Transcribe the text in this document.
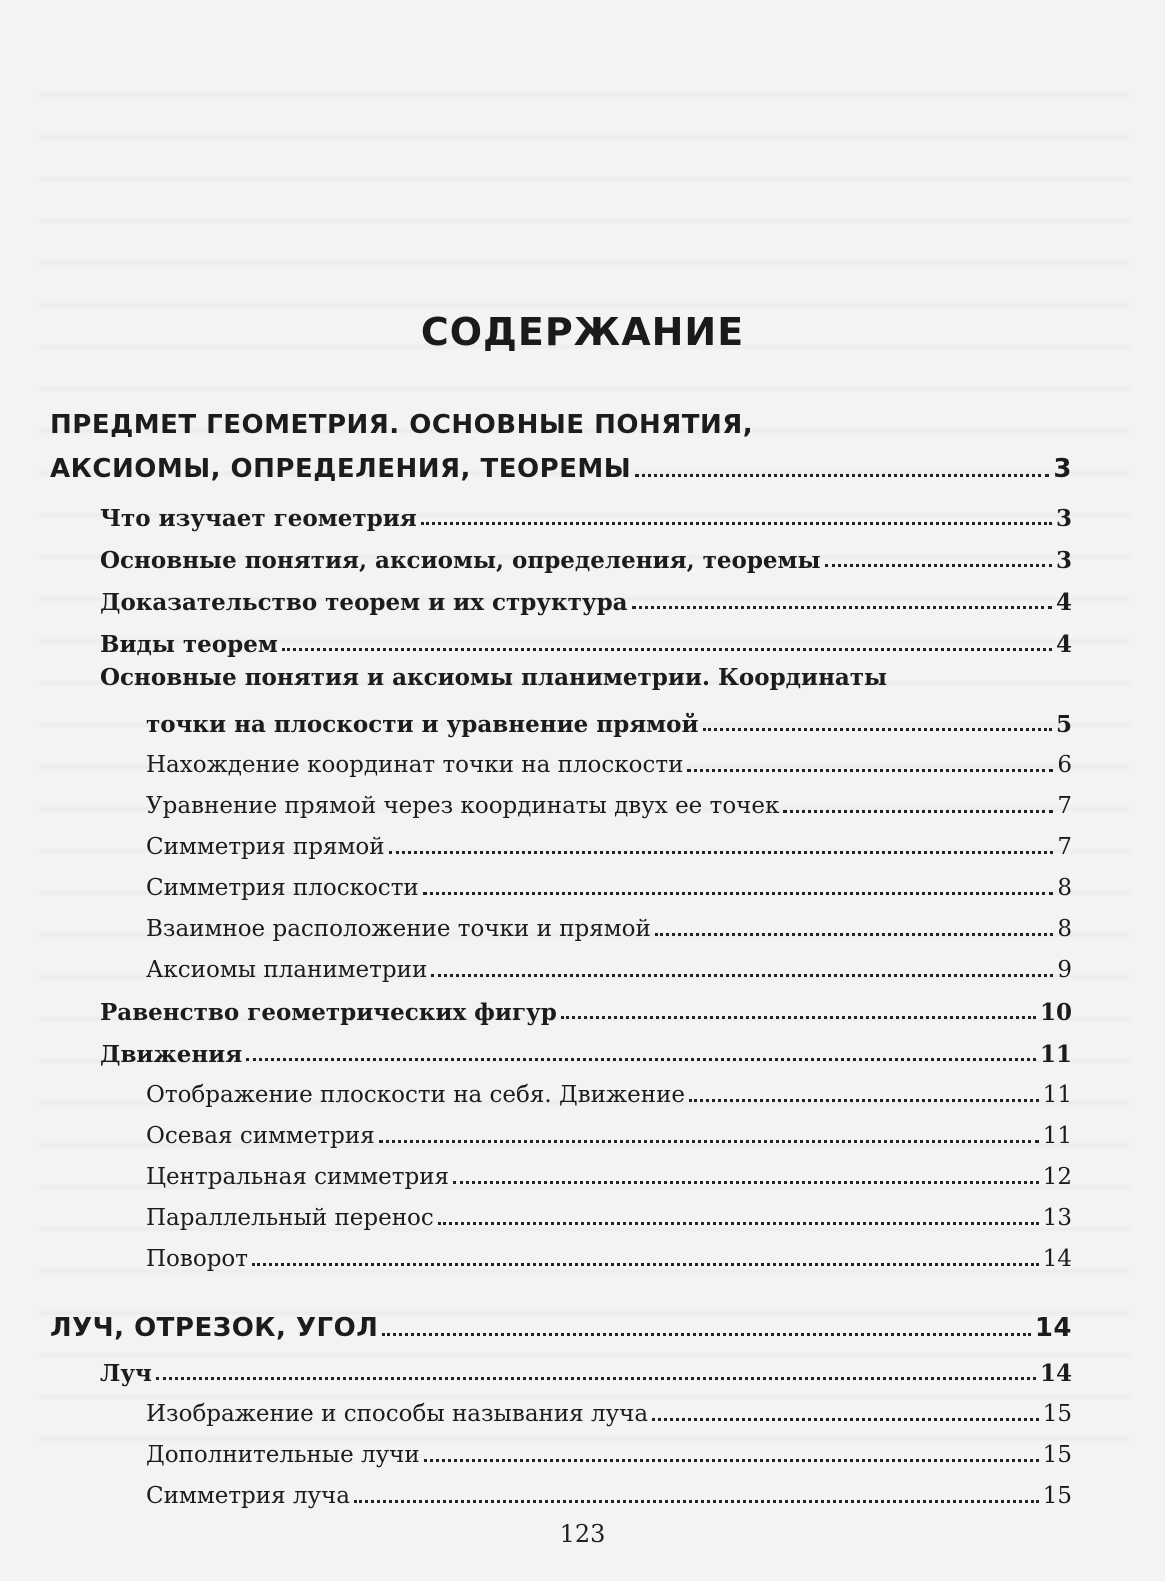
СОДЕРЖАНИЕ
ПРЕДМЕТ ГЕОМЕТРИЯ. ОСНОВНЫЕ ПОНЯТИЯ,
АКСИОМЫ, ОПРЕДЕЛЕНИЯ, ТЕОРЕМЫ	3
Что изучает геометрия	3
Основные понятия, аксиомы, определения, теоремы	3
Доказательство теорем и их структура	4
Виды теорем	4
Основные понятия и аксиомы планиметрии. Координаты
точки на плоскости и уравнение прямой	5
Нахождение координат точки на плоскости	6
Уравнение прямой через координаты двух ее точек	7
Симметрия прямой	7
Симметрия плоскости	8
Взаимное расположение точки и прямой	8
Аксиомы планиметрии	9
Равенство геометрических фигур	10
Движения	11
Отображение плоскости на себя. Движение	11
Осевая симметрия	11
Центральная симметрия	12
Параллельный перенос	13
Поворот	14
ЛУЧ, ОТРЕЗОК, УГОЛ	14
Луч	14
Изображение и способы называния луча	15
Дополнительные лучи	15
Симметрия луча	15
123
